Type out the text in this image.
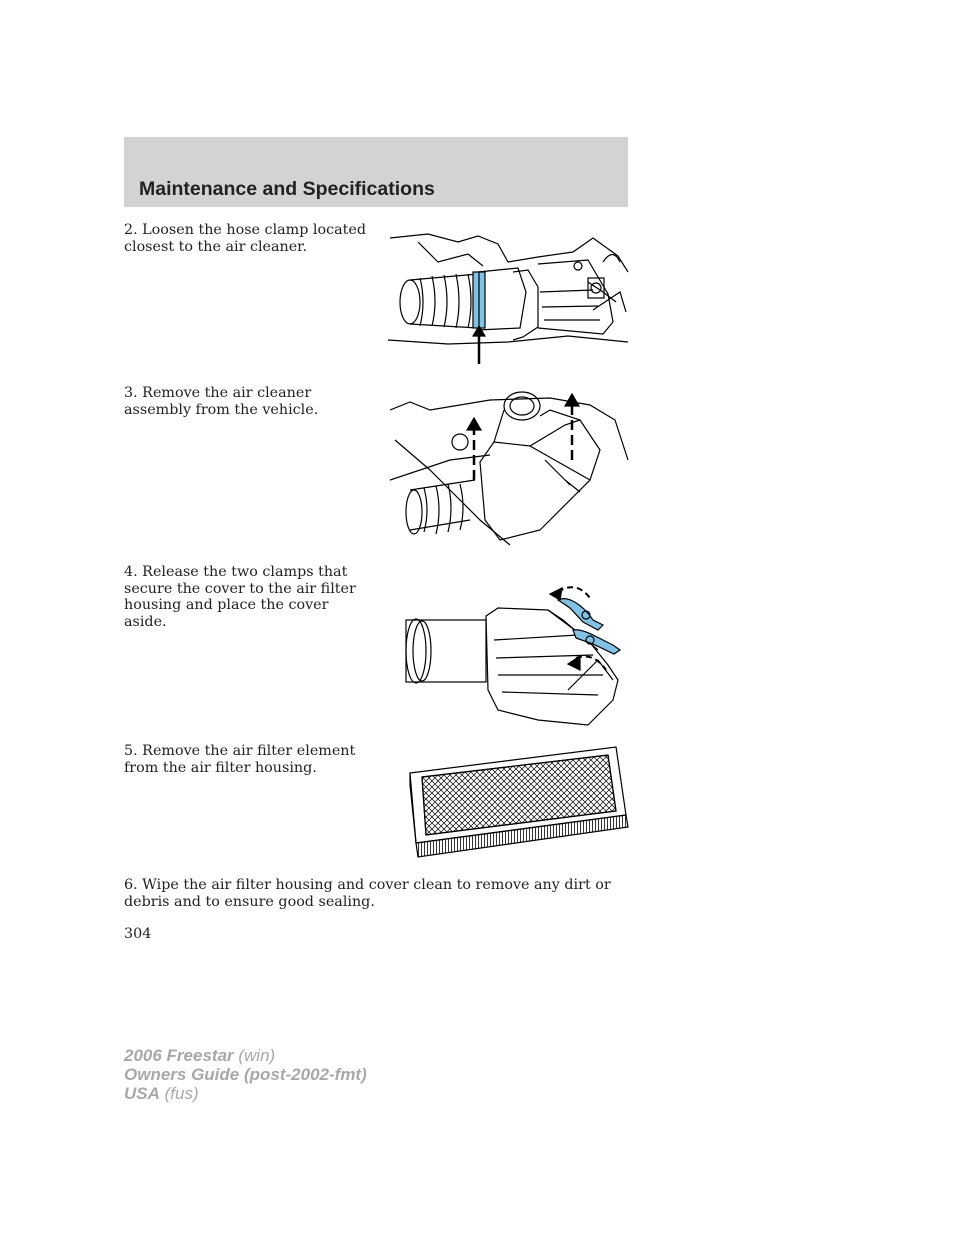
Maintenance and Specifications
2. Loosen the hose clamp located closest to the air cleaner.
3. Remove the air cleaner assembly from the vehicle.
4. Release the two clamps that secure the cover to the air filter housing and place the cover aside.
5. Remove the air filter element from the air filter housing.
6. Wipe the air filter housing and cover clean to remove any dirt or debris and to ensure good sealing.
304
2006 Freestar (win)
Owners Guide (post-2002-fmt)
USA (fus)
